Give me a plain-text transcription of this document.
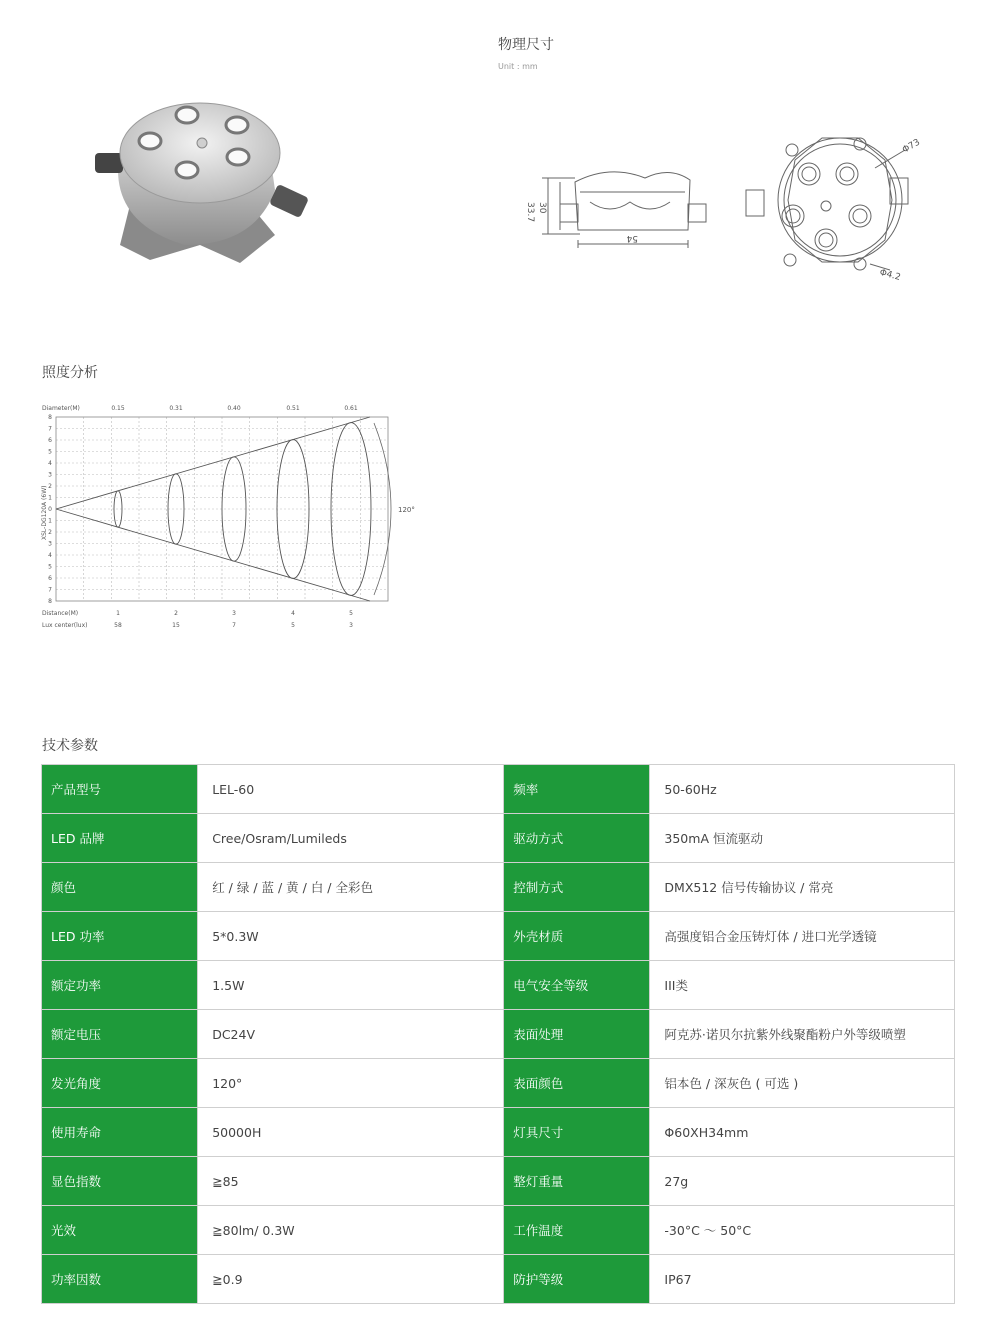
物理尺寸
Unit : mm
33.7 30
54
Φ73
Φ4.2
照度分析
120°
Diameter(M)
Distance(M)
Lux center(lux)
XSL-DG120A (6W)
8
7
6
5
4
3
2
1
0
1
2
3
4
5
6
7
8
0.15
1
58
0.31
2
15
0.40
3
7
0.51
4
5
0.61
5
3
技术参数
产品型号	LEL-60	频率	50-60Hz
LED 品牌	Cree/Osram/Lumileds	驱动方式	350mA 恒流驱动
颜色	红 / 绿 / 蓝 / 黄 / 白 / 全彩色	控制方式	DMX512 信号传输协议 / 常亮
LED 功率	5*0.3W	外壳材质	高强度铝合金压铸灯体 / 进口光学透镜
额定功率	1.5W	电气安全等级	III类
额定电压	DC24V	表面处理	阿克苏·诺贝尔抗紫外线聚酯粉户外等级喷塑
发光角度	120°	表面颜色	铝本色 / 深灰色 ( 可选 )
使用寿命	50000H	灯具尺寸	Φ60XH34mm
显色指数	≧85	整灯重量	27g
光效	≧80lm/ 0.3W	工作温度	-30°C ～ 50°C
功率因数	≧0.9	防护等级	IP67
